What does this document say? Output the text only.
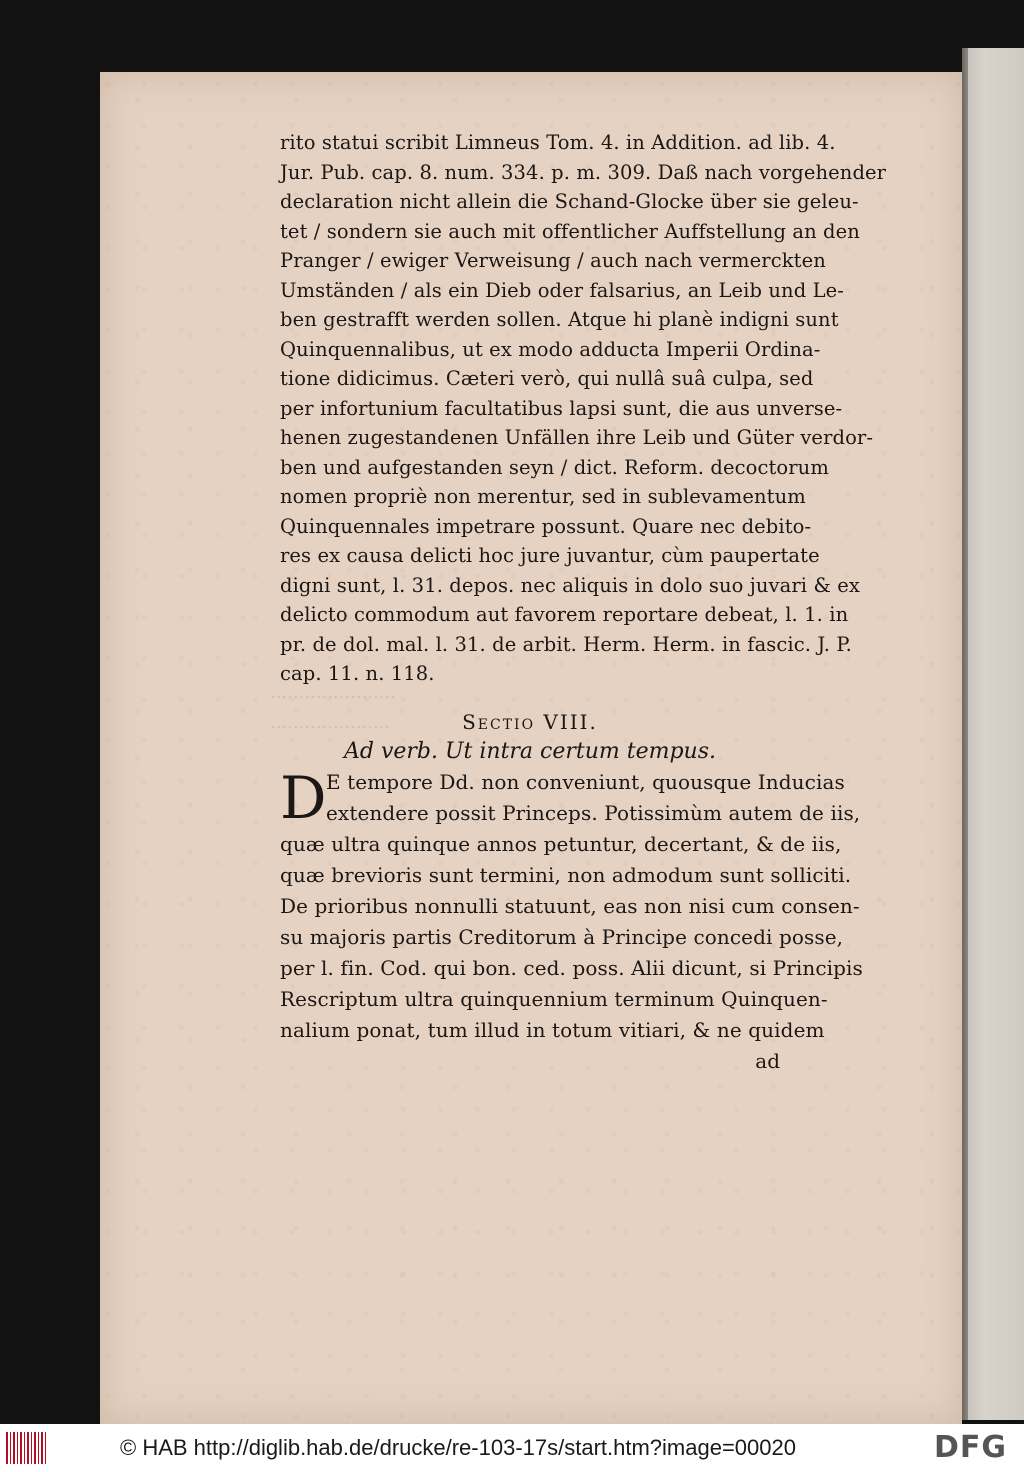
......................
.....................
rito statui scribit Limneus Tom. 4. in Addition. ad lib. 4.
Jur. Pub. cap. 8. num. 334. p. m. 309. Daß nach vorgehender
declaration nicht allein die Schand-Glocke über sie geleu-
tet / sondern sie auch mit offentlicher Auffstellung an den
Pranger / ewiger Verweisung / auch nach vermerckten
Umständen / als ein Dieb oder falsarius, an Leib und Le-
ben gestrafft werden sollen. Atque hi planè indigni sunt
Quinquennalibus, ut ex modo adducta Imperii Ordina-
tione didicimus. Cæteri verò, qui nullâ suâ culpa, sed
per infortunium facultatibus lapsi sunt, die aus unverse-
henen zugestandenen Unfällen ihre Leib und Güter verdor-
ben und aufgestanden seyn / dict. Reform. decoctorum
nomen propriè non merentur, sed in sublevamentum
Quinquennales impetrare possunt. Quare nec debito-
res ex causa delicti hoc jure juvantur, cùm paupertate
digni sunt, l. 31. depos. nec aliquis in dolo suo juvari & ex
delicto commodum aut favorem reportare debeat, l. 1. in
pr. de dol. mal. l. 31. de arbit. Herm. Herm. in fascic. J. P.
cap. 11. n. 118.
Sectio VIII.
Ad verb. Ut intra certum tempus.
D E tempore Dd. non conveniunt, quousque Inducias
extendere possit Princeps. Potissimùm autem de iis,
quæ ultra quinque annos petuntur, decertant, & de iis,
quæ brevioris sunt termini, non admodum sunt solliciti.
De prioribus nonnulli statuunt, eas non nisi cum consen-
su majoris partis Creditorum à Principe concedi posse,
per l. fin. Cod. qui bon. ced. poss. Alii dicunt, si Principis
Rescriptum ultra quinquennium terminum Quinquen-
nalium ponat, tum illud in totum vitiari, & ne quidem
ad
© HAB http://diglib.hab.de/drucke/re-103-17s/start.htm?image=00020	DFG
